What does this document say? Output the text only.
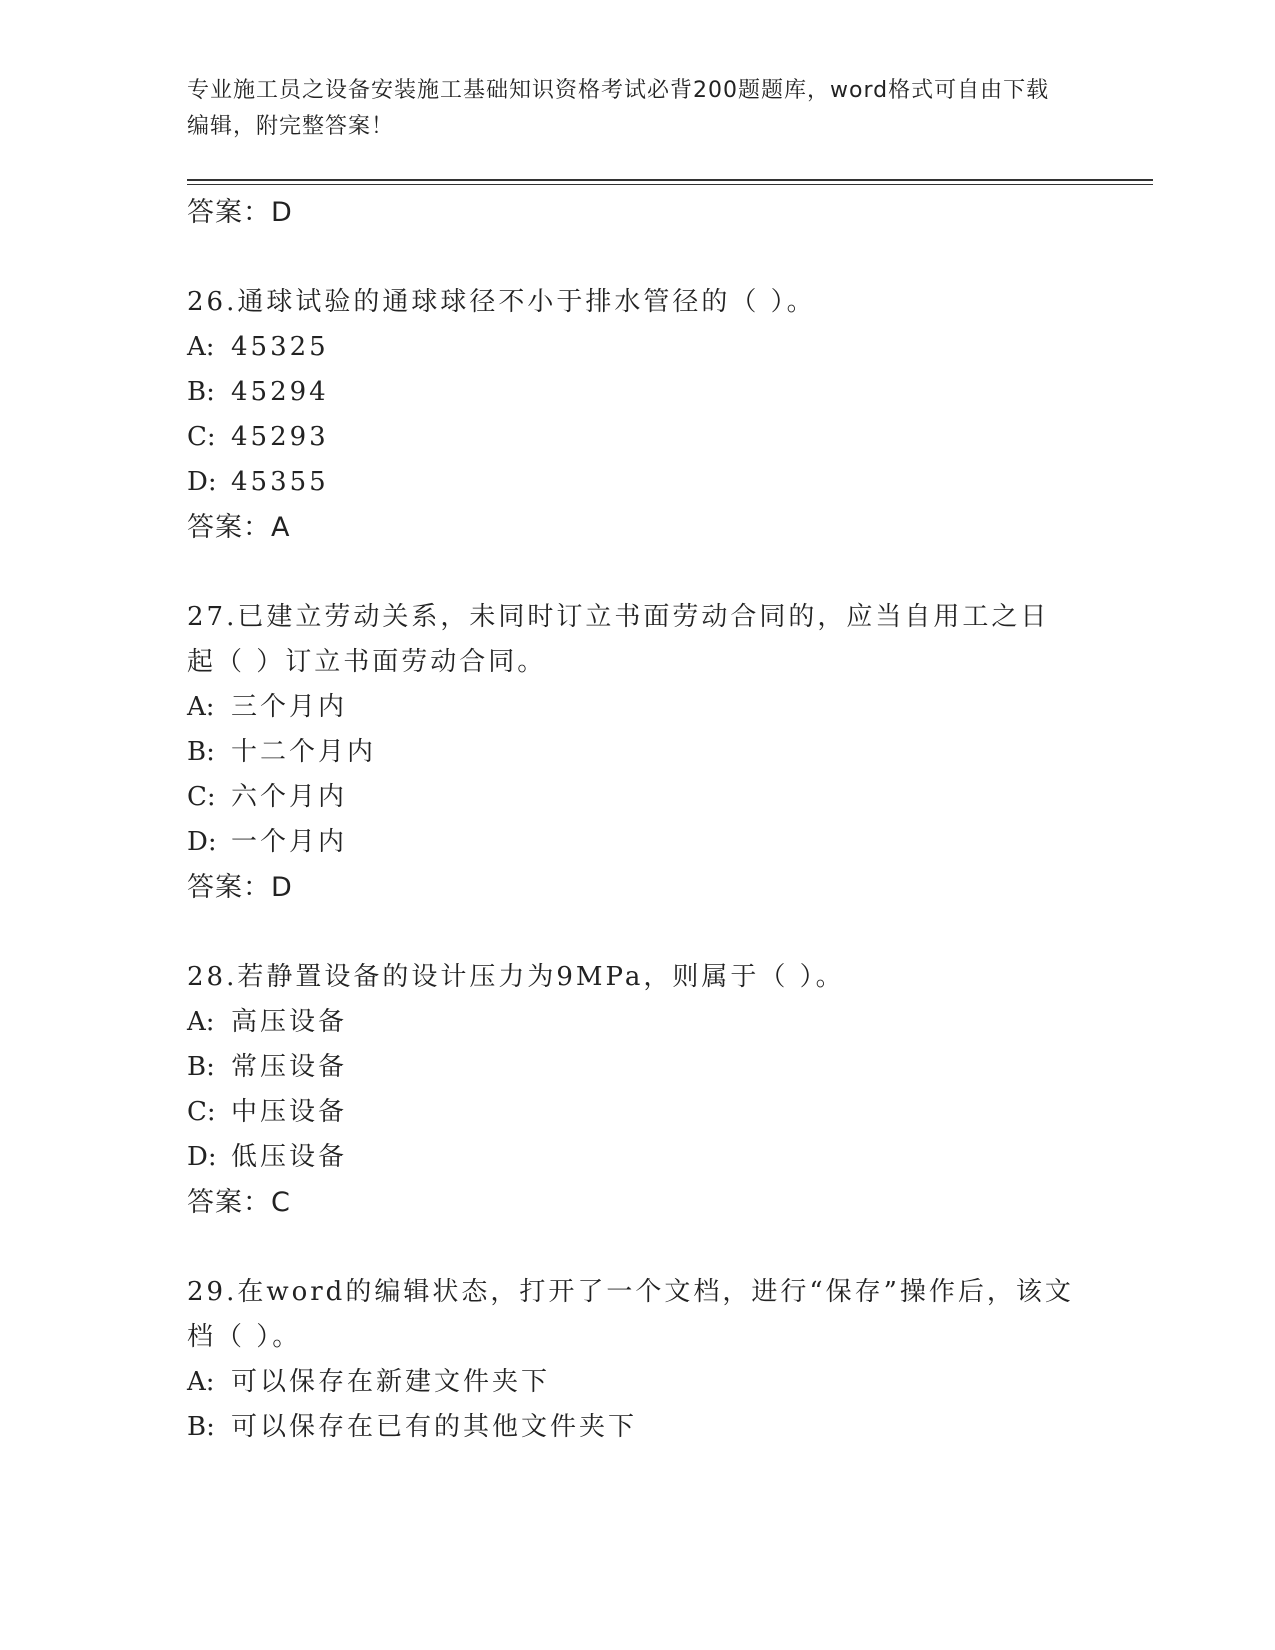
专业施工员之设备安装施工基础知识资格考试必背200题题库，word格式可自由下载编辑，附完整答案！
答案：D
26.通球试验的通球球径不小于排水管径的（ ）。
A: 45325
B: 45294
C: 45293
D: 45355
答案：A
27.已建立劳动关系，未同时订立书面劳动合同的，应当自用工之日起（ ）订立书面劳动合同。
A: 三个月内
B: 十二个月内
C: 六个月内
D: 一个月内
答案：D
28.若静置设备的设计压力为9MPa，则属于（ ）。
A: 高压设备
B: 常压设备
C: 中压设备
D: 低压设备
答案：C
29.在word的编辑状态，打开了一个文档，进行“保存”操作后，该文档（ ）。
A: 可以保存在新建文件夹下
B: 可以保存在已有的其他文件夹下
